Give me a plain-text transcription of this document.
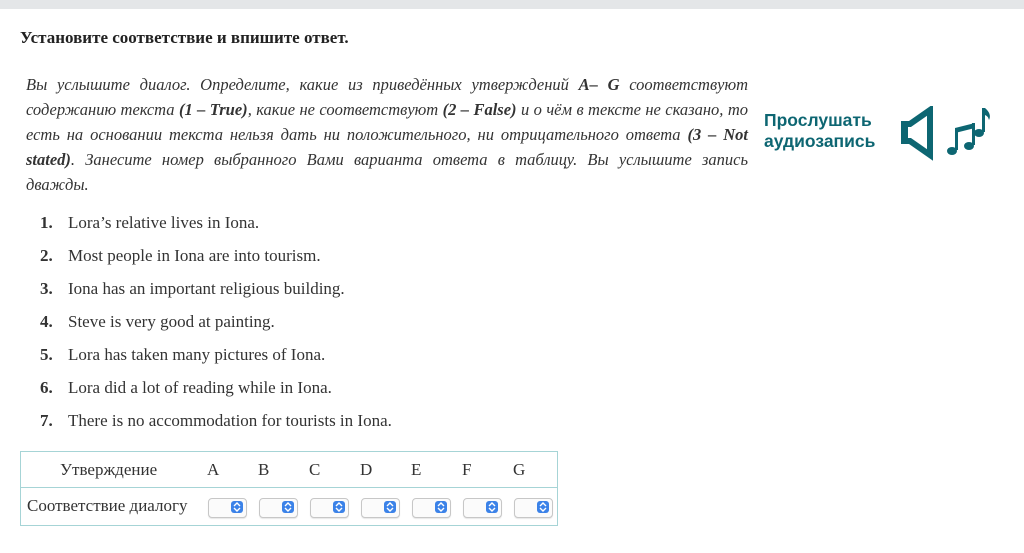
Установите соответствие и впишите ответ.
Вы услышите диалог. Определите, какие из приведённых утверждений A– G соответствуют содержанию текста (1 – True), какие не соответствуют (2 – False) и о чём в тексте не сказано, то есть на основании текста нельзя дать ни положительного, ни отрицательного ответа (3 – Not stated). Занесите номер выбранного Вами варианта ответа в таблицу. Вы услышите запись дважды.
Прослушать аудиозапись
1. Lora’s relative lives in Iona.
2. Most people in Iona are into tourism.
3. Iona has an important religious building.
4. Steve is very good at painting.
5. Lora has taken many pictures of Iona.
6. Lora did a lot of reading while in Iona.
7. There is no accommodation for tourists in Iona.
Утверждение	A B C D E F G

Соответствие диалогу
